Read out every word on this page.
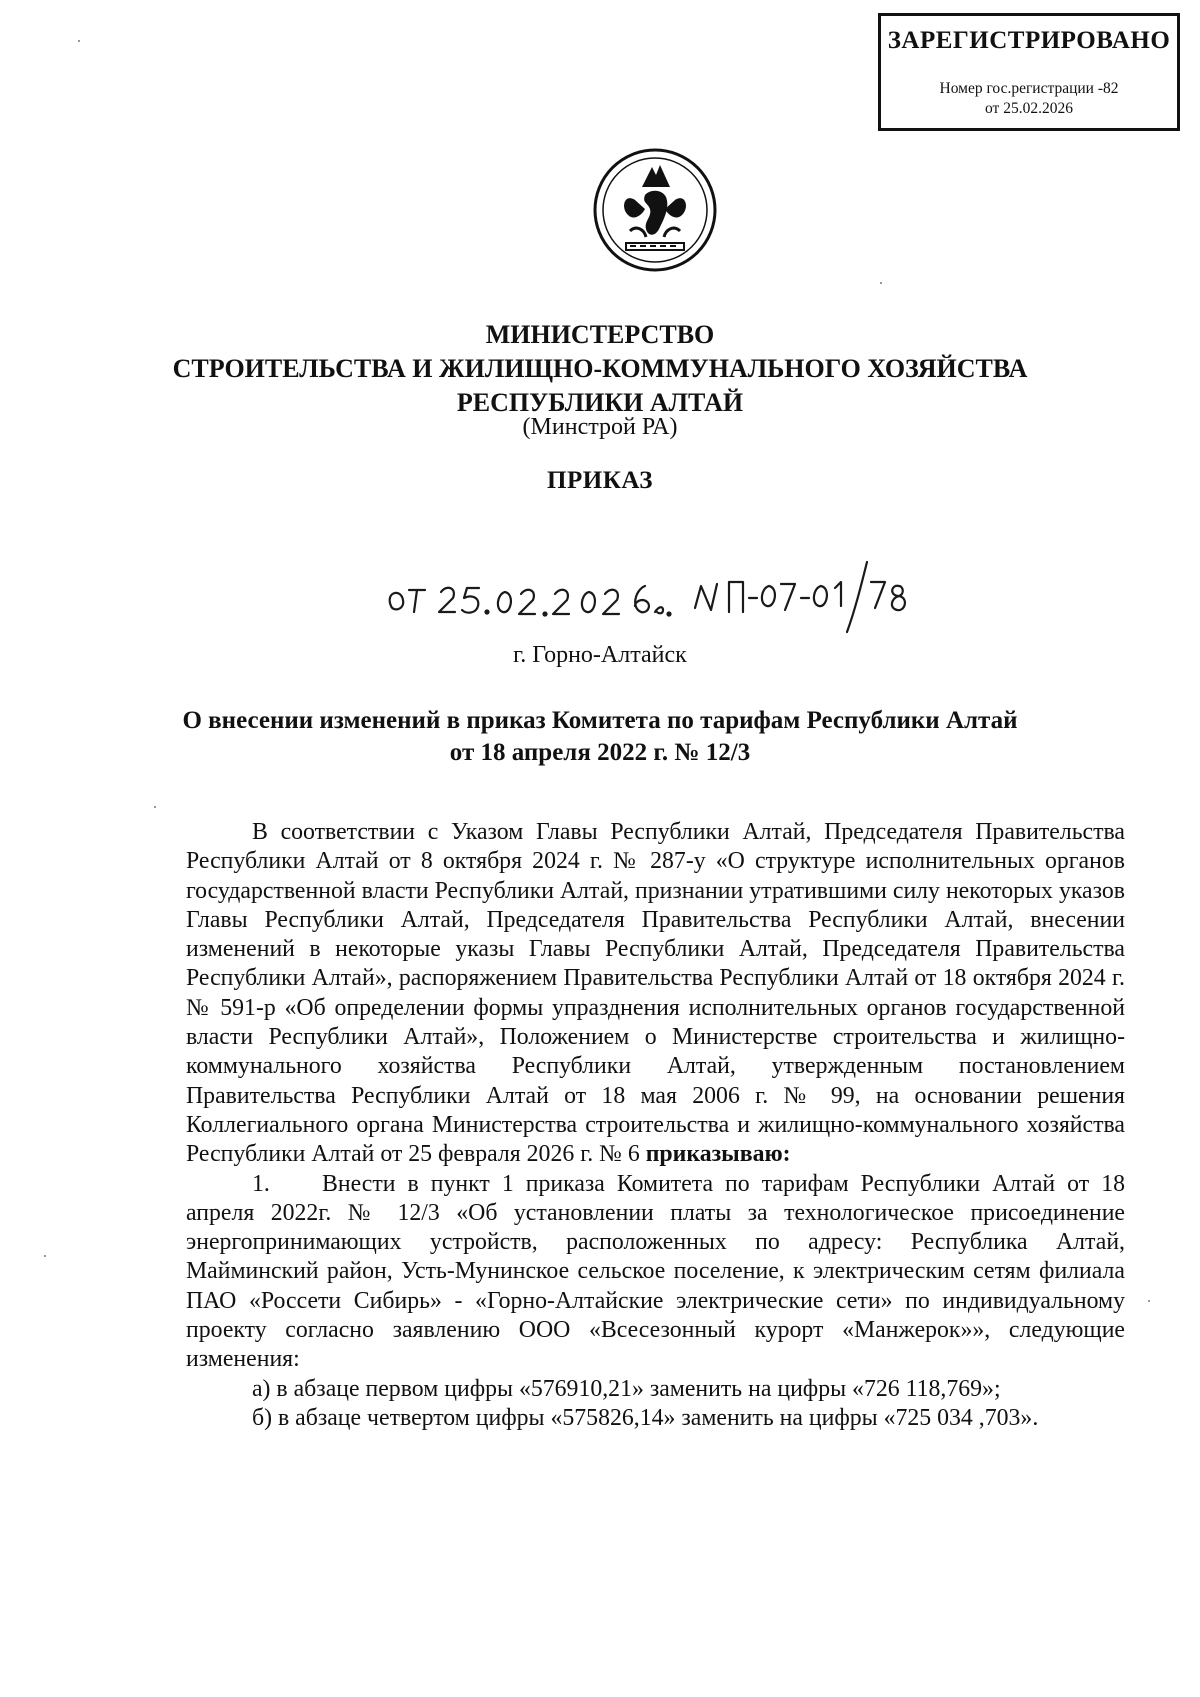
ЗАРЕГИСТРИРОВАНО
Номер гос.регистрации -82
от 25.02.2026
МИНИСТЕРСТВО
СТРОИТЕЛЬСТВА И ЖИЛИЩНО-КОММУНАЛЬНОГО ХОЗЯЙСТВА
РЕСПУБЛИКИ АЛТАЙ
(Минстрой РА)
ПРИКАЗ
г. Горно-Алтайск
О внесении изменений в приказ Комитета по тарифам Республики Алтай
от 18 апреля 2022 г. № 12/3

В соответствии с Указом Главы Республики Алтай, Председателя Правительства Республики Алтай от 8 октября 2024 г. № 287-у «О структуре исполнительных органов государственной власти Республики Алтай, признании утратившими силу некоторых указов Главы Республики Алтай, Председателя Правительства Республики Алтай, внесении изменений в некоторые указы Главы Республики Алтай, Председателя Правительства Республики Алтай», распоряжением Правительства Республики Алтай от 18 октября 2024 г. № 591-р «Об определении формы упразднения исполнительных органов государственной власти Республики Алтай», Положением о Министерстве строительства и жилищно-коммунального хозяйства Республики Алтай, утвержденным постановлением Правительства Республики Алтай от 18 мая 2006 г. № 99, на основании решения Коллегиального органа Министерства строительства и жилищно-коммунального хозяйства Республики Алтай от 25 февраля 2026 г. № 6 приказываю:

1. Внести в пункт 1 приказа Комитета по тарифам Республики Алтай от 18 апреля 2022г. № 12/3 «Об установлении платы за технологическое присоединение энергопринимающих устройств, расположенных по адресу: Республика Алтай, Майминский район, Усть-Мунинское сельское поселение, к электрическим сетям филиала ПАО «Россети Сибирь» - «Горно-Алтайские электрические сети» по индивидуальному проекту согласно заявлению ООО «Всесезонный курорт «Манжерок»», следующие изменения:

а) в абзаце первом цифры «576910,21» заменить на цифры «726 118,769»;

б) в абзаце четвертом цифры «575826,14» заменить на цифры «725 034 ,703».
